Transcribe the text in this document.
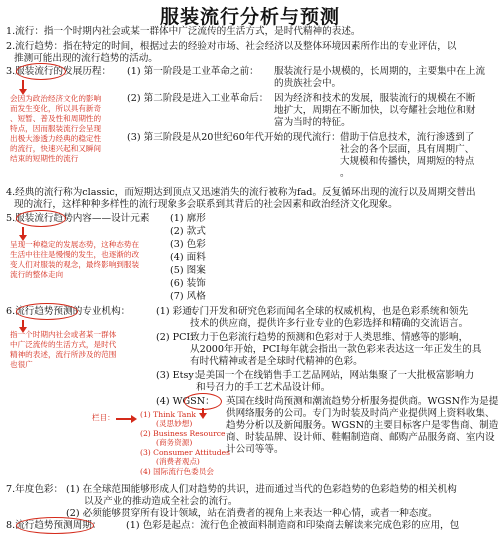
服装流行分析与预测
1.流行：指一个时期内社会或某一群体中广泛流传的生活方式，是时代精神的表述。
2.流行趋势：指在特定的时间，根据过去的经验对市场、社会经济以及整体环境因素所作出的专业评估，以
推测可能出现的流行趋势的活动。
3.服装流行的发展历程： (1) 第一阶段是工业革命之前： 服装流行是小规模的，长周期的，主要集中在上流
的贵族社会中。
(2) 第二阶段是进入工业革命后： 因为经济和技术的发展，服装流行的规模在不断
地扩大，周期在不断加快，以夸耀社会地位和财
富为当时的特征。
(3) 第三阶段是从20世纪60年代开始的现代流行： 借助于信息技术，流行渗透到了
社会的各个层面，具有周期广、
大规模和传播快，周期短的特点
。
会因为政治经济文化的影响
而发生变化，所以具有新奇
、短暂、普及性和周期性的
特点，因而服装流行会呈现
出极大渗透力经典的稳定性
的流行，快速兴起和又瞬间
结束的短期性的流行
4.经典的流行称为classic，而短期达到顶点又迅速消失的流行被称为fad。反复循环出现的流行以及周期交替出
现的流行，这样种种多样性的流行现象多会联系到其背后的社会因素和政治经济文化现象。
5.服装流行趋势内容——设计元素 (1) 廓形
(2) 款式
(3) 色彩
(4) 面料
(5) 图案
(6) 装饰
(7) 风格
呈现一种稳定的发展态势，这种态势在
生活中往往是慢慢的发生，也逐渐的改
变人们对服装的观念，最终影响到服装
流行的整体走向
6.流行趋势预测的专业机构：	(1) 彩通：
专门开发和研究色彩而闻名全球的权威机构，也是色彩系统和领先
技术的供应商，提供许多行业专业的色彩选择和精确的交流语言。
(2) PCI：
致力于色彩流行趋势的预测和色彩对于人类思维、情感等的影响，
从2000年开始，PCI每年就会指出一款色彩来表达这一年正发生的具
有时代精神或者是全球时代精神的色彩。
(3) Etsy：
是美国一个在线销售手工艺品网站，网站集聚了一大批极富影响力
和号召力的手工艺术品设计师。
(4) WGSN： 英国在线时尚预测和潮流趋势分析服务提供商。WGSN作为是提
供网络服务的公司。专门为时装及时尚产业提供网上资料收集、
趋势分析以及新闻服务。WGSN的主要目标客户是零售商、制造
商、时装品牌、设计师、鞋帽制造商、邮购产品服务商、室内设
计公司等等。
指一个时期内社会或者某一群体
中广泛流传的生活方式，是时代
精神的表述，流行所涉及的范围
也很广
栏目：	(1) Think Tank
(灵思妙想)
(2) Business Resource
(商务资源)
(3) Consumer Attitudes
(消费者观点)
(4) 国际流行色委员会
7.年度色彩： (1) 在全球范围能够形成人们对趋势的共识，进而通过当代的色彩趋势的色彩趋势的相关机构
以及产业的推动造成全社会的流行。
(2) 必须能够贯穿所有设计领域，站在消费者的视角上来表达一种心情，或者一种态度。
8.流行趋势预测周期：	(1) 色彩是起点：流行色企被面料制造商和印染商去解读来完成色彩的应用，包
